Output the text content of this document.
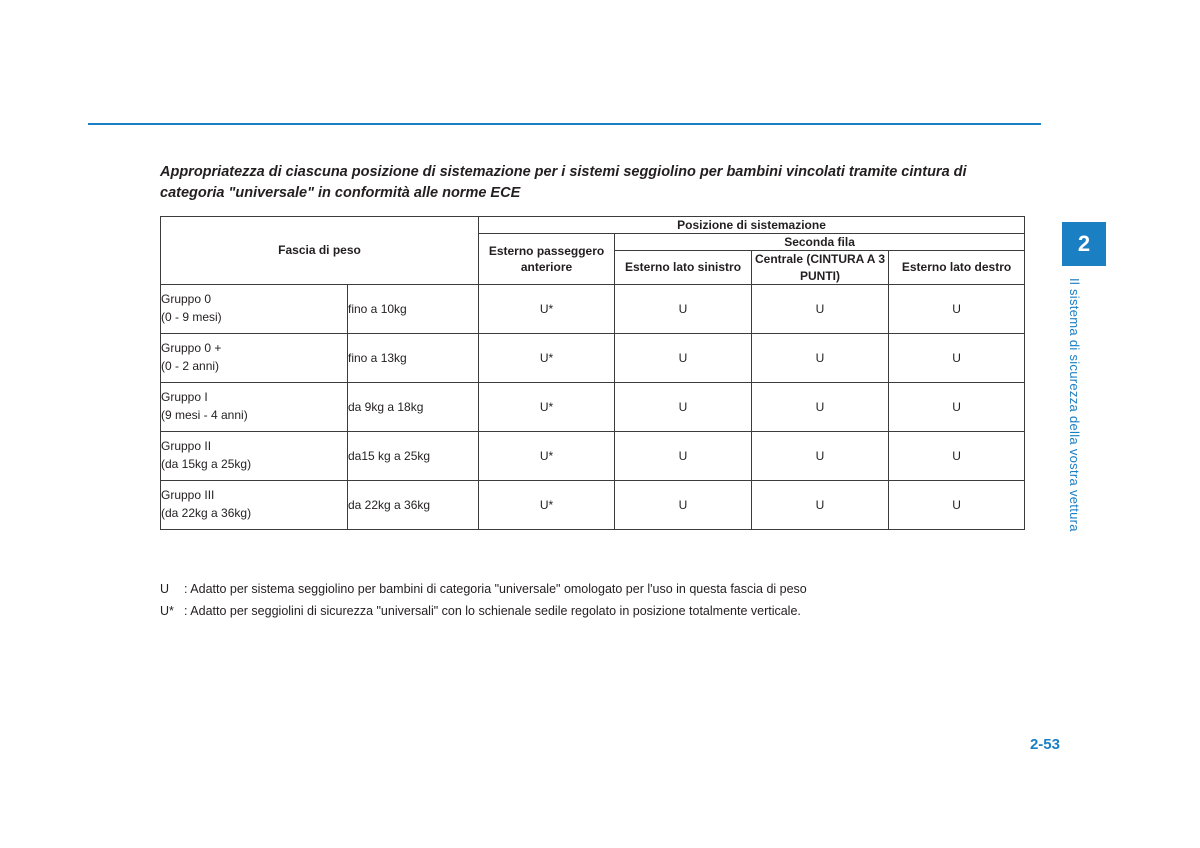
2
Il sistema di sicurezza della vostra vettura
Appropriatezza di ciascuna posizione di sistemazione per i sistemi seggiolino per bambini vincolati tramite cintura di categoria "universale" in conformità alle norme ECE
Fascia di peso		Posizione di sistemazione			
		Esterno passeggero anteriore	Seconda fila		
			Esterno lato sinistro	Centrale (CINTURA A 3 PUNTI)	Esterno lato destro

Gruppo 0
(0 - 9 mesi)	fino a 10kg	U*	U	U	U

Gruppo 0 +
(0 - 2 anni)	fino a 13kg	U*	U	U	U

Gruppo I
(9 mesi - 4 anni)	da 9kg a 18kg	U*	U	U	U

Gruppo II
(da 15kg a 25kg)	da15 kg a 25kg	U*	U	U	U

Gruppo III
(da 22kg a 36kg)	da 22kg a 36kg	U*	U	U	U
U : Adatto per sistema seggiolino per bambini di categoria "universale" omologato per l'uso in questa fascia di peso
U* : Adatto per seggiolini di sicurezza "universali" con lo schienale sedile regolato in posizione totalmente verticale.
2-53
